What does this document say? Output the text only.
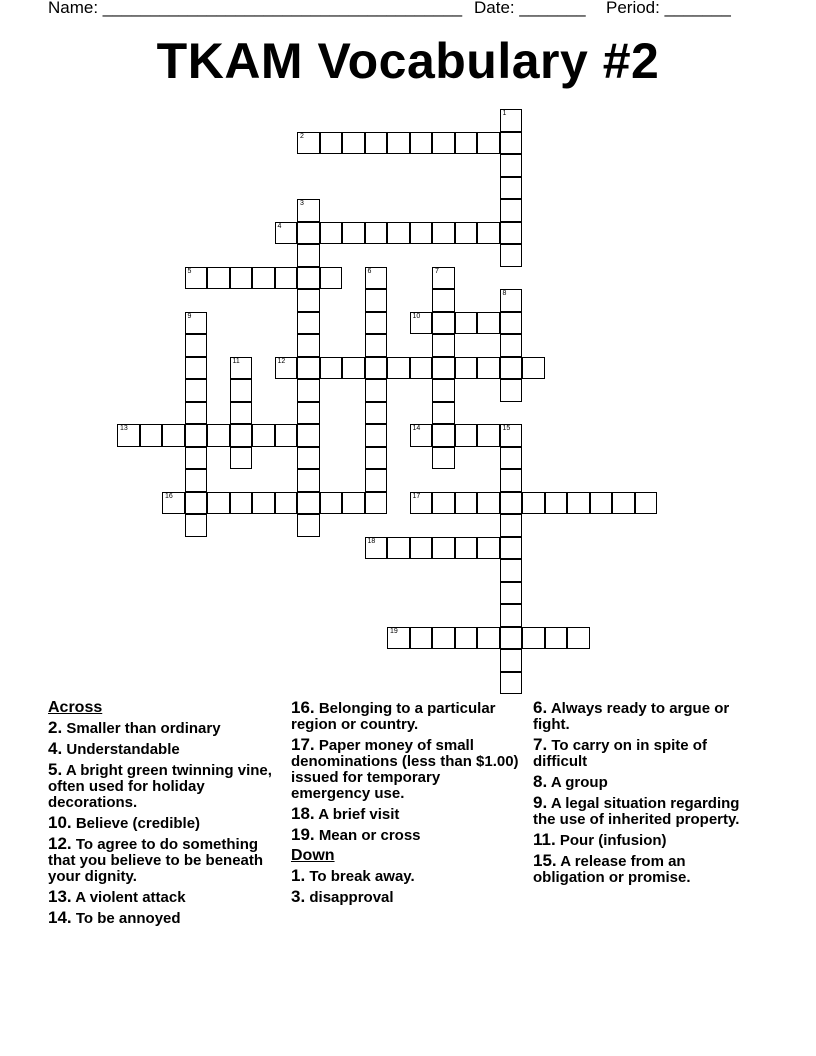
Name: ______________________________________ Date: _______ Period: _______
TKAM Vocabulary #2
1
2
3
4
5	6	7
8
9	10
11	12
13	14	15
16	17
18
19
Across
2. Smaller than ordinary
4. Understandable
5. A bright green twinning vine, often used for holiday decorations.
10. Believe (credible)
12. To agree to do something that you believe to be beneath your dignity.
13. A violent attack
14. To be annoyed
16. Belonging to a particular region or country.
17. Paper money of small denominations (less than $1.00) issued for temporary emergency use.
18. A brief visit
19. Mean or cross
Down
1. To break away.
3. disapproval
6. Always ready to argue or fight.
7. To carry on in spite of difficult
8. A group
9. A legal situation regarding the use of inherited property.
11. Pour (infusion)
15. A release from an obligation or promise.
